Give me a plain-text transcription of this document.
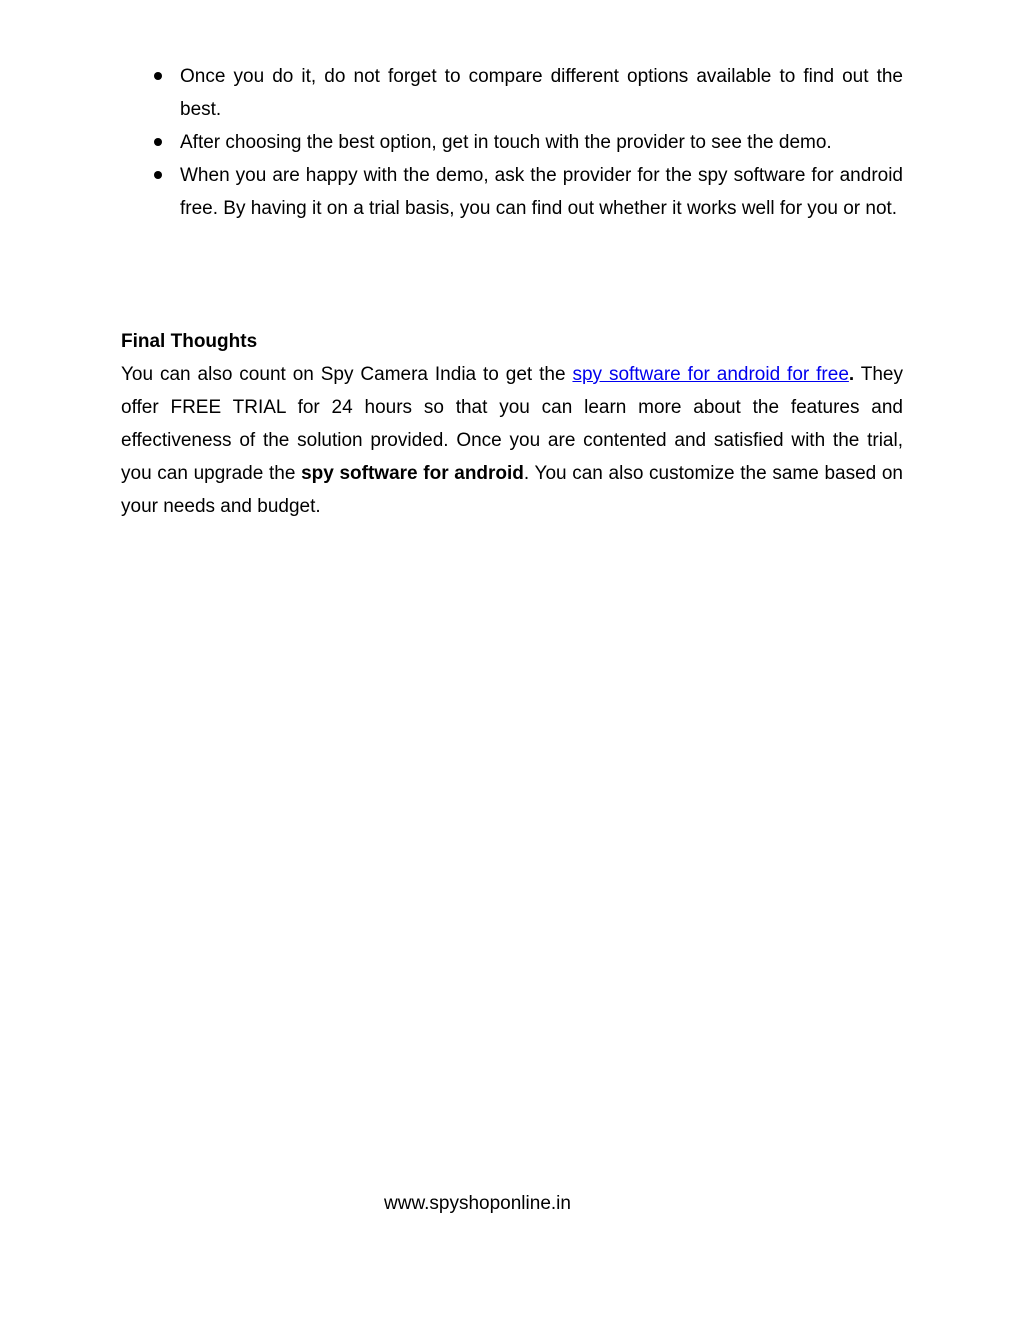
Once you do it, do not forget to compare different options available to find out the best.
After choosing the best option, get in touch with the provider to see the demo.
When you are happy with the demo, ask the provider for the spy software for android free. By having it on a trial basis, you can find out whether it works well for you or not.
Final Thoughts

You can also count on Spy Camera India to get the spy software for android for free. They offer FREE TRIAL for 24 hours so that you can learn more about the features and effectiveness of the solution provided. Once you are contented and satisfied with the trial, you can upgrade the spy software for android. You can also customize the same based on your needs and budget.

www.spyshoponline.in
